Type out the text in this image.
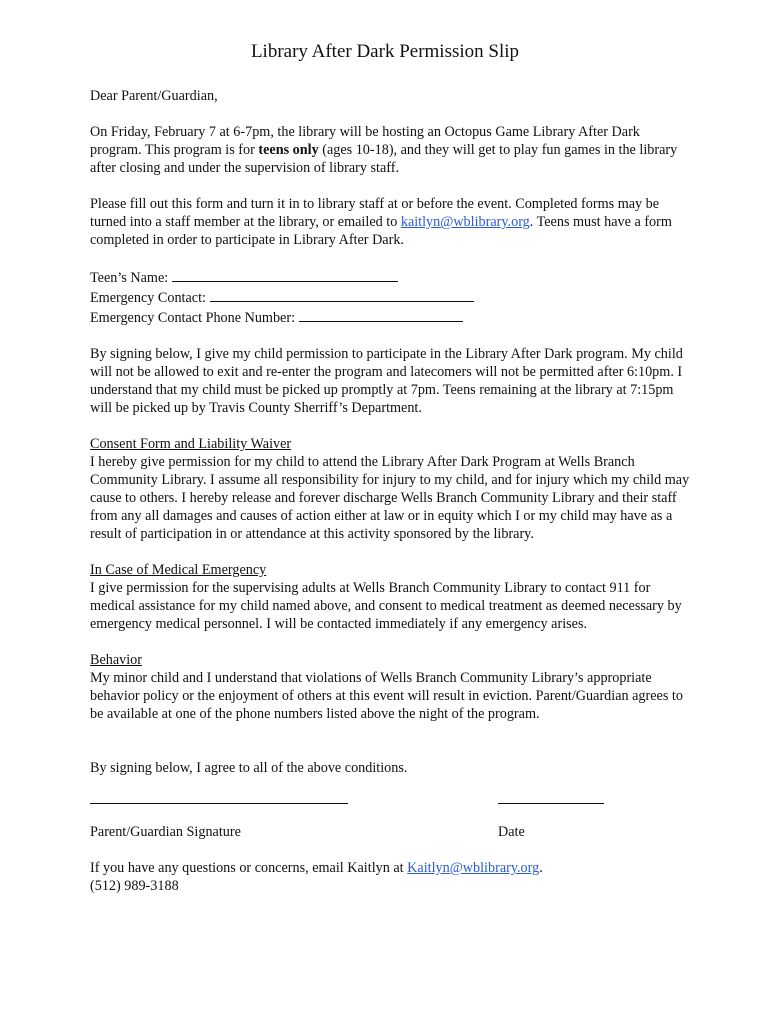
Library After Dark Permission Slip

Dear Parent/Guardian,

On Friday, February 7 at 6-7pm, the library will be hosting an Octopus Game Library After Dark program. This program is for teens only (ages 10-18), and they will get to play fun games in the library after closing and under the supervision of library staff.

Please fill out this form and turn it in to library staff at or before the event. Completed forms may be turned into a staff member at the library, or emailed to kaitlyn@wblibrary.org. Teens must have a form completed in order to participate in Library After Dark.

Teen’s Name:
Emergency Contact:
Emergency Contact Phone Number:

By signing below, I give my child permission to participate in the Library After Dark program. My child will not be allowed to exit and re-enter the program and latecomers will not be permitted after 6:10pm. I understand that my child must be picked up promptly at 7pm. Teens remaining at the library at 7:15pm will be picked up by Travis County Sherriff’s Department.

Consent Form and Liability Waiver

I hereby give permission for my child to attend the Library After Dark Program at Wells Branch Community Library. I assume all responsibility for injury to my child, and for injury which my child may cause to others. I hereby release and forever discharge Wells Branch Community Library and their staff from any all damages and causes of action either at law or in equity which I or my child may have as a result of participation in or attendance at this activity sponsored by the library.

In Case of Medical Emergency

I give permission for the supervising adults at Wells Branch Community Library to contact 911 for medical assistance for my child named above, and consent to medical treatment as deemed necessary by emergency medical personnel. I will be contacted immediately if any emergency arises.

Behavior

My minor child and I understand that violations of Wells Branch Community Library’s appropriate behavior policy or the enjoyment of others at this event will result in eviction. Parent/Guardian agrees to be available at one of the phone numbers listed above the night of the program.

By signing below, I agree to all of the above conditions.

Parent/Guardian Signature	Date

If you have any questions or concerns, email Kaitlyn at Kaitlyn@wblibrary.org.

(512) 989-3188
